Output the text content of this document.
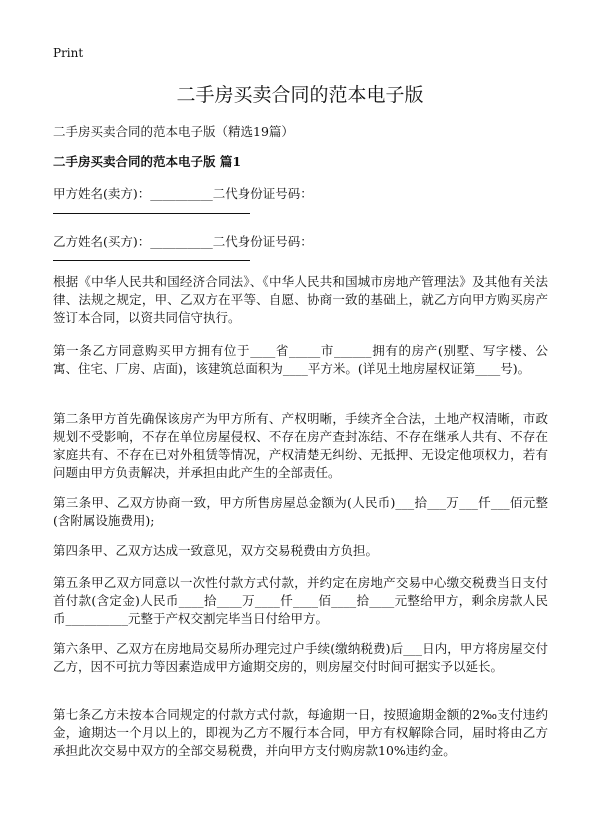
Print
二手房买卖合同的范本电子版
二手房买卖合同的范本电子版（精选19篇）
二手房买卖合同的范本电子版 篇1
甲方姓名(卖方)：__________二代身份证号码：
乙方姓名(买方)：__________二代身份证号码：
根据《中华人民共和国经济合同法》、《中华人民共和国城市房地产管理法》及其他有关法律、法规之规定，甲、乙双方在平等、自愿、协商一致的基础上，就乙方向甲方购买房产签订本合同，以资共同信守执行。
第一条乙方同意购买甲方拥有位于____省_____市______拥有的房产(别墅、写字楼、公寓、住宅、厂房、店面)，该建筑总面积为____平方米。(详见土地房屋权证第____号)。
第二条甲方首先确保该房产为甲方所有、产权明晰，手续齐全合法，土地产权清晰，市政规划不受影响，不存在单位房屋侵权、不存在房产查封冻结、不存在继承人共有、不存在家庭共有、不存在已对外租赁等情况，产权清楚无纠纷、无抵押、无设定他项权力，若有问题由甲方负责解决，并承担由此产生的全部责任。
第三条甲、乙双方协商一致，甲方所售房屋总金额为(人民币)___拾___万___仟___佰元整(含附属设施费用);
第四条甲、乙双方达成一致意见，双方交易税费由方负担。
第五条甲乙双方同意以一次性付款方式付款，并约定在房地产交易中心缴交税费当日支付首付款(含定金)人民币____拾____万____仟____佰____拾____元整给甲方，剩余房款人民币__________元整于产权交割完毕当日付给甲方。
第六条甲、乙双方在房地局交易所办理完过户手续(缴纳税费)后___日内，甲方将房屋交付乙方，因不可抗力等因素造成甲方逾期交房的，则房屋交付时间可据实予以延长。
第七条乙方未按本合同规定的付款方式付款，每逾期一日，按照逾期金额的2‰支付违约金，逾期达一个月以上的，即视为乙方不履行本合同，甲方有权解除合同，届时将由乙方承担此次交易中双方的全部交易税费，并向甲方支付购房款10%违约金。
